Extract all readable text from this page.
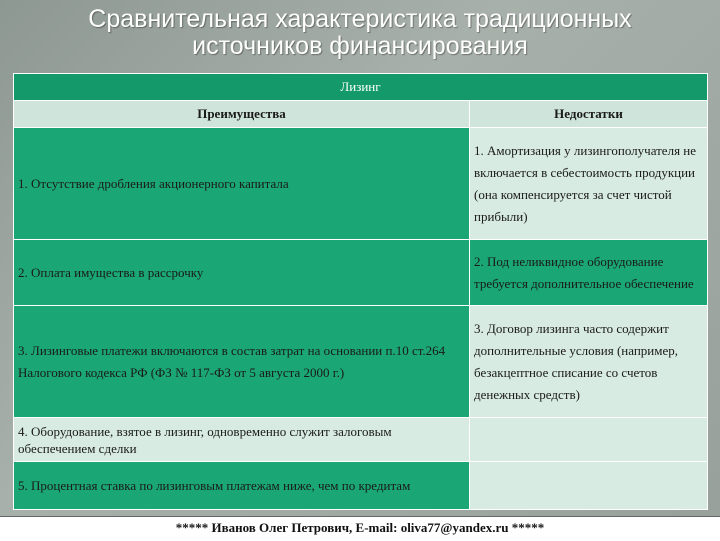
Сравнительная характеристика традиционных
источников финансирования
Лизинг	
Преимущества	Недостатки
1. Отсутствие дробления акционерного капитала	1. Амортизация у лизингополучателя не включается в себестоимость продукции (она компенсируется за счет чистой прибыли)
2. Оплата имущества в рассрочку	2. Под неликвидное оборудование требуется дополнительное обеспечение
3. Лизинговые платежи включаются в состав затрат на основании п.10 ст.264 Налогового кодекса РФ (ФЗ № 117-ФЗ от 5 августа 2000 г.)	3. Договор лизинга часто содержит дополнительные условия (например, безакцептное списание со счетов денежных средств)
4. Оборудование, взятое в лизинг, одновременно служит залоговым обеспечением сделки	
5. Процентная ставка по лизинговым платежам ниже, чем по кредитам	
***** Иванов Олег Петрович, E-mail: oliva77@yandex.ru *****
